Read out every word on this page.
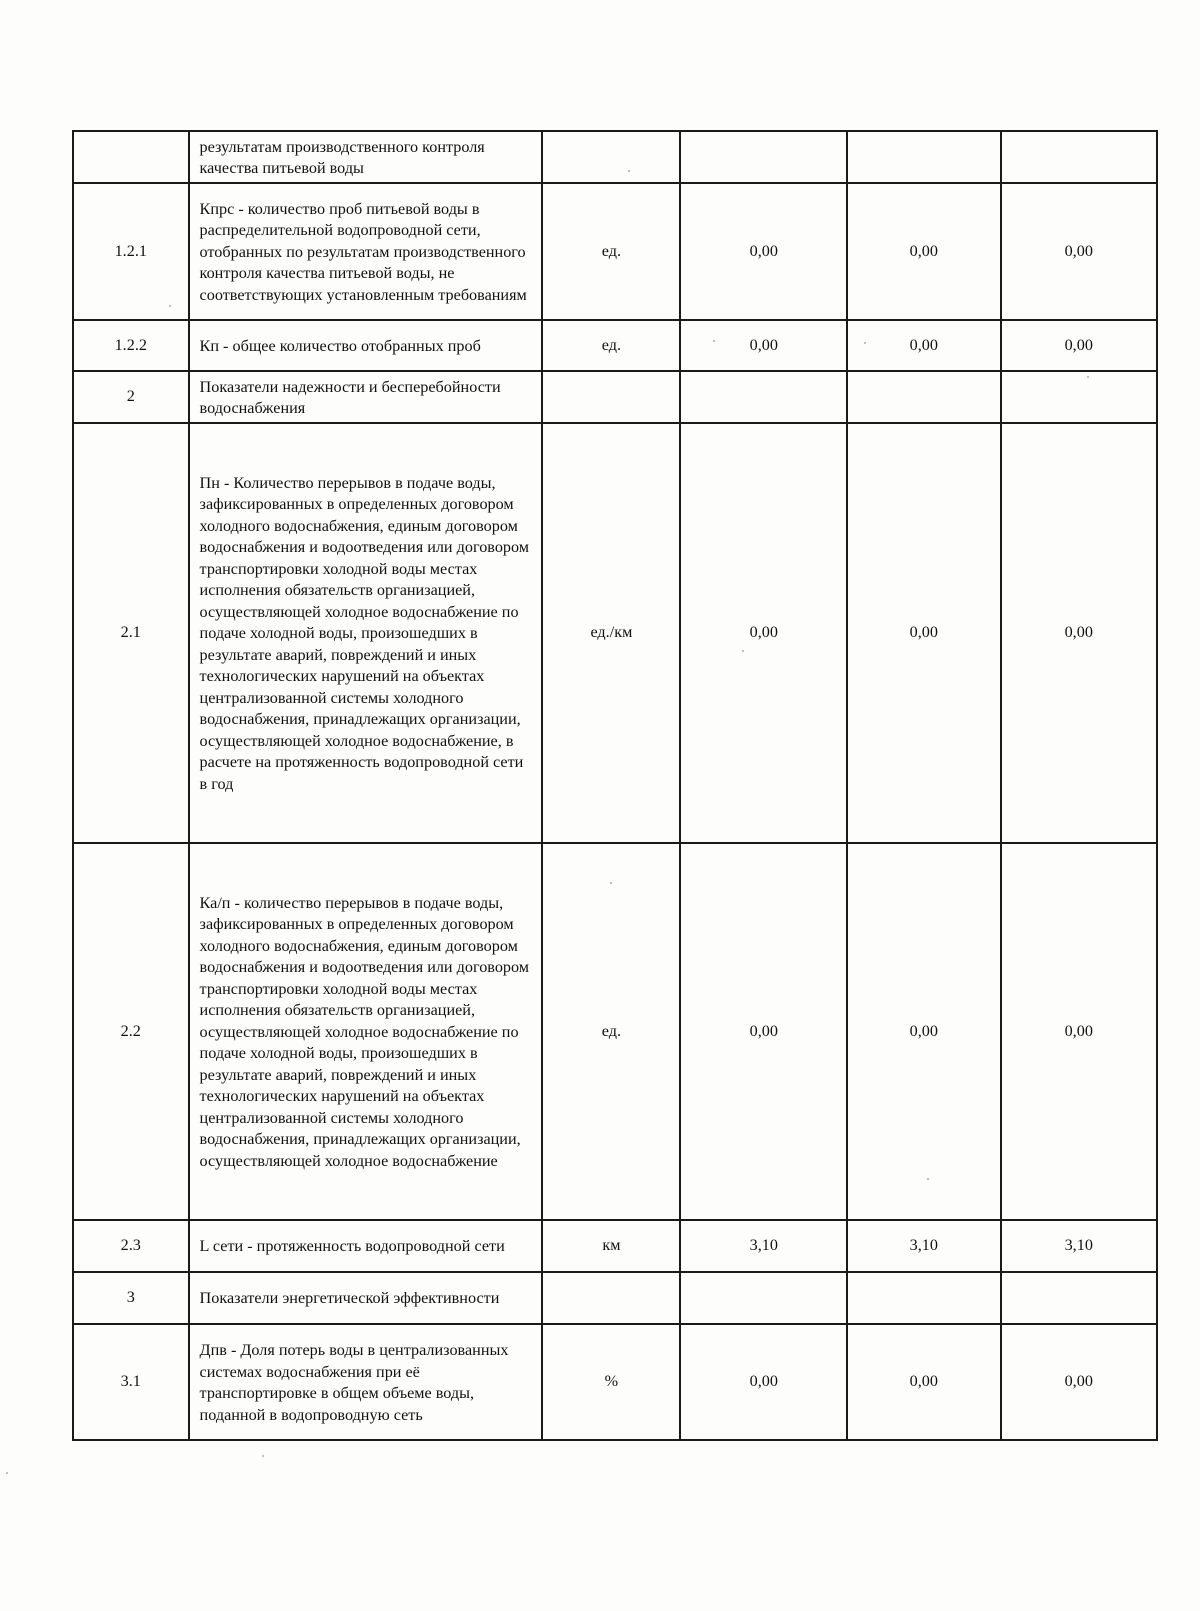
	результатам производственного контроля качества питьевой воды				
1.2.1	Кпрс - количество проб питьевой воды в распределительной водопроводной сети, отобранных по результатам производственного контроля качества питьевой воды, не соответствующих установленным требованиям	ед.	0,00	0,00	0,00
1.2.2	Кп - общее количество отобранных проб	ед.	0,00	0,00	0,00
2	Показатели надежности и бесперебойности водоснабжения				
2.1	Пн - Количество перерывов в подаче воды, зафиксированных в определенных договором холодного водоснабжения, единым договором водоснабжения и водоотведения или договором транспортировки холодной воды местах исполнения обязательств организацией, осуществляющей холодное водоснабжение по подаче холодной воды, произошедших в результате аварий, повреждений и иных технологических нарушений на объектах централизованной системы холодного водоснабжения, принадлежащих организации, осуществляющей холодное водоснабжение, в расчете на протяженность водопроводной сети в год	ед./км	0,00	0,00	0,00
2.2	Ка/п - количество перерывов в подаче воды, зафиксированных в определенных договором холодного водоснабжения, единым договором водоснабжения и водоотведения или договором транспортировки холодной воды местах исполнения обязательств организацией, осуществляющей холодное водоснабжение по подаче холодной воды, произошедших в результате аварий, повреждений и иных технологических нарушений на объектах централизованной системы холодного водоснабжения, принадлежащих организации, осуществляющей холодное водоснабжение	ед.	0,00	0,00	0,00
2.3	L сети - протяженность водопроводной сети	км	3,10	3,10	3,10
3	Показатели энергетической эффективности				
3.1	Дпв - Доля потерь воды в централизованных системах водоснабжения при её транспортировке в общем объеме воды, поданной в водопроводную сеть	%	0,00	0,00	0,00
